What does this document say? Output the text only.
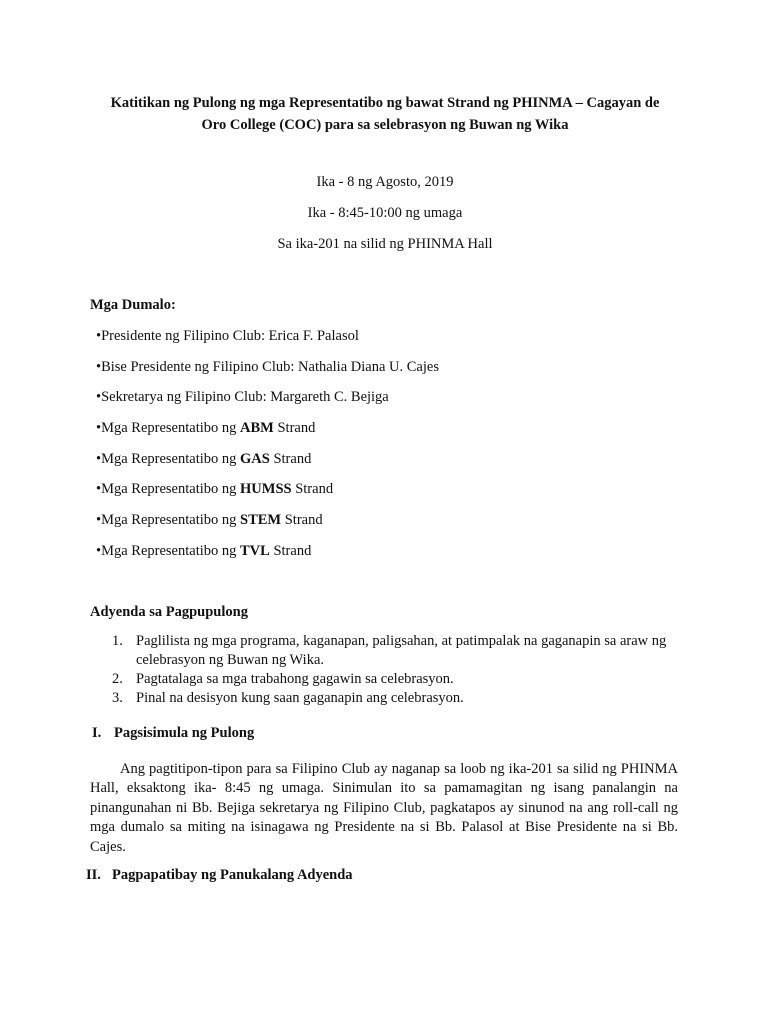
Katitikan ng Pulong ng mga Representatibo ng bawat Strand ng PHINMA – Cagayan de
Oro College (COC) para sa selebrasyon ng Buwan ng Wika
Ika - 8 ng Agosto, 2019
Ika - 8:45-10:00 ng umaga
Sa ika-201 na silid ng PHINMA Hall
Mga Dumalo:
•Presidente ng Filipino Club: Erica F. Palasol
•Bise Presidente ng Filipino Club: Nathalia Diana U. Cajes
•Sekretarya ng Filipino Club: Margareth C. Bejiga
•Mga Representatibo ng ABM Strand
•Mga Representatibo ng GAS Strand
•Mga Representatibo ng HUMSS Strand
•Mga Representatibo ng STEM Strand
•Mga Representatibo ng TVL Strand
Adyenda sa Pagpupulong
1. Paglilista ng mga programa, kaganapan, paligsahan, at patimpalak na gaganapin sa araw ng celebrasyon ng Buwan ng Wika.
2. Pagtatalaga sa mga trabahong gagawin sa celebrasyon.
3. Pinal na desisyon kung saan gaganapin ang celebrasyon.
I. Pagsisimula ng Pulong

Ang pagtitipon-tipon para sa Filipino Club ay naganap sa loob ng ika-201 sa silid ng PHINMA Hall, eksaktong ika- 8:45 ng umaga. Sinimulan ito sa pamamagitan ng isang panalangin na pinangunahan ni Bb. Bejiga sekretarya ng Filipino Club, pagkatapos ay sinunod na ang roll-call ng mga dumalo sa miting na isinagawa ng Presidente na si Bb. Palasol at Bise Presidente na si Bb. Cajes.

II. Pagpapatibay ng Panukalang Adyenda
